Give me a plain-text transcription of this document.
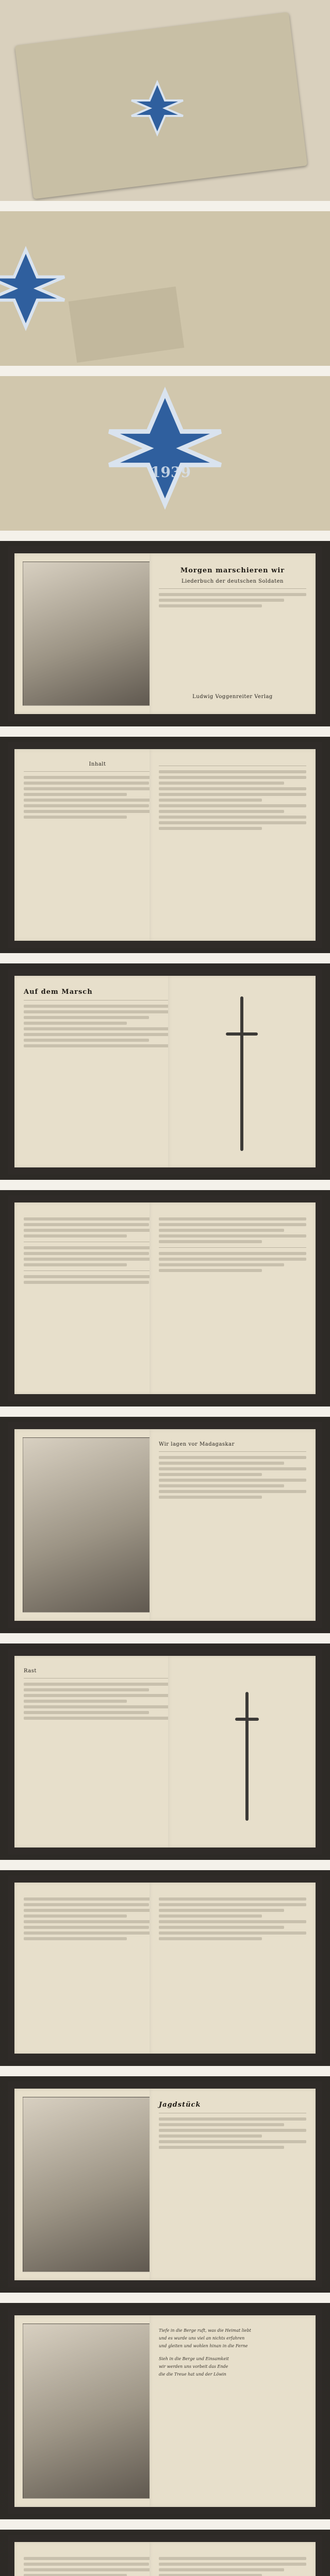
1939
Morgen marschieren wir
Liederbuch der deutschen Soldaten
Ludwig Voggenreiter Verlag
Inhalt
Auf dem Marsch
Wir lagen vor Madagaskar
Rast
Jagdstück
Tiefe in die Berge ruft, was die Heimat liebt
und es wurde uns viel an nichts erfahren
und gleiten und wohlen hinan in die Ferne
Sieh in die Berge und Einsamkeit
wir werden uns vorbeit das Ende
die die Treue hat und der Löwin
